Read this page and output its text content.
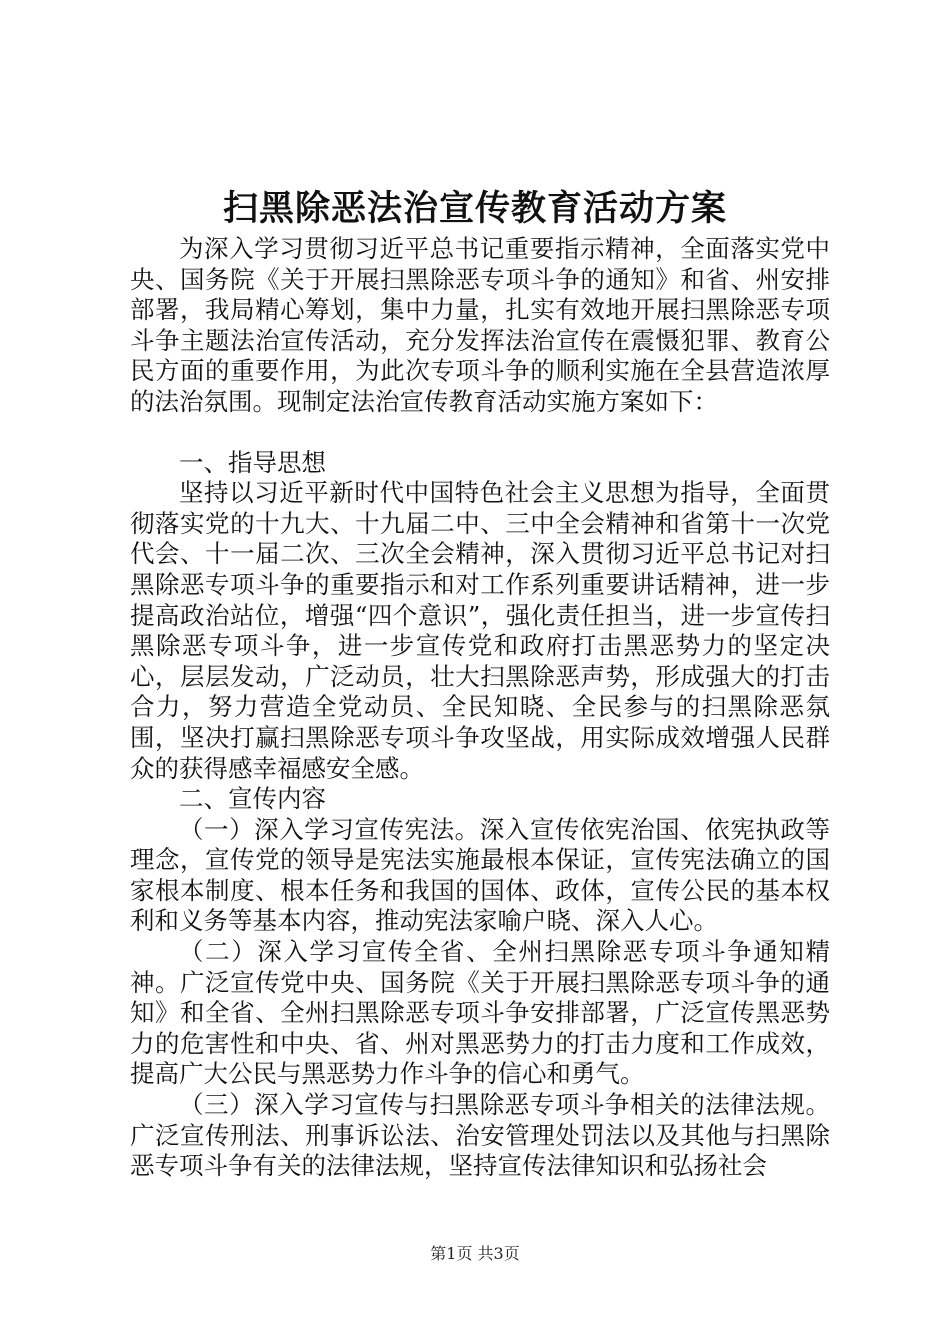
扫黑除恶法治宣传教育活动方案

为深入学习贯彻习近平总书记重要指示精神，全面落实党中央、国务院《关于开展扫黑除恶专项斗争的通知》和省、州安排部署，我局精心筹划，集中力量，扎实有效地开展扫黑除恶专项斗争主题法治宣传活动，充分发挥法治宣传在震慑犯罪、教育公民方面的重要作用，为此次专项斗争的顺利实施在全县营造浓厚的法治氛围。现制定法治宣传教育活动实施方案如下：

一、指导思想

坚持以习近平新时代中国特色社会主义思想为指导，全面贯彻落实党的十九大、十九届二中、三中全会精神和省第十一次党代会、十一届二次、三次全会精神，深入贯彻习近平总书记对扫黑除恶专项斗争的重要指示和对工作系列重要讲话精神，进一步提高政治站位，增强“四个意识”，强化责任担当，进一步宣传扫黑除恶专项斗争，进一步宣传党和政府打击黑恶势力的坚定决心，层层发动，广泛动员，壮大扫黑除恶声势，形成强大的打击合力，努力营造全党动员、全民知晓、全民参与的扫黑除恶氛围，坚决打赢扫黑除恶专项斗争攻坚战，用实际成效增强人民群众的获得感幸福感安全感。

二、宣传内容

（一）深入学习宣传宪法。深入宣传依宪治国、依宪执政等理念，宣传党的领导是宪法实施最根本保证，宣传宪法确立的国家根本制度、根本任务和我国的国体、政体，宣传公民的基本权利和义务等基本内容，推动宪法家喻户晓、深入人心。

（二）深入学习宣传全省、全州扫黑除恶专项斗争通知精神。广泛宣传党中央、国务院《关于开展扫黑除恶专项斗争的通知》和全省、全州扫黑除恶专项斗争安排部署，广泛宣传黑恶势力的危害性和中央、省、州对黑恶势力的打击力度和工作成效，提高广大公民与黑恶势力作斗争的信心和勇气。

（三）深入学习宣传与扫黑除恶专项斗争相关的法律法规。广泛宣传刑法、刑事诉讼法、治安管理处罚法以及其他与扫黑除恶专项斗争有关的法律法规，坚持宣传法律知识和弘扬社会

第1页 共3页
